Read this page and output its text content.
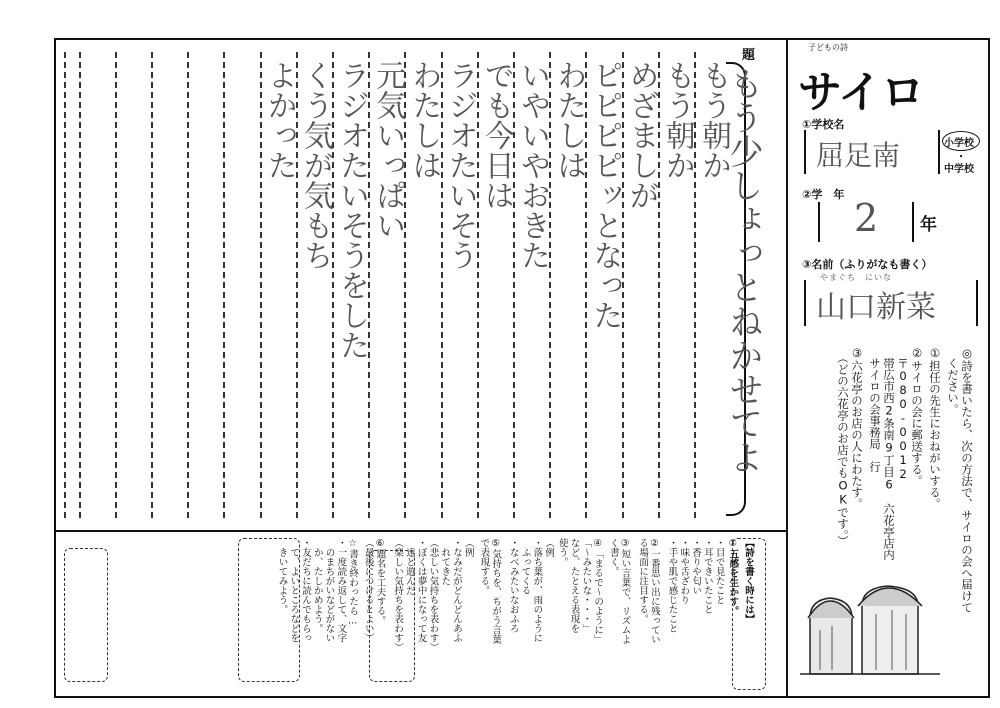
題
もう少しょっとねかせてよ
もう朝か
もう朝か
めざましが
ピピピピッとなった
わたしは
いやいやおきた
でも今日は
ラジオたいそう
わたしは
元気いっぱい
ラジオたいそうをした
くう気が気もち
よかった
子どもの詩
サイロ
①学校名
屈足南	小学校
・
中学校
②学　年
2 年
③名前（ふりがなも書く）
やまぐち　にいな
山口新菜
◎詩を書いたら、次の方法で、サイロの会へ届けて
　ください。
①担任の先生におねがいする。
②サイロの会に郵送する。
　〒080-0012
　帯広市西2条南9丁目6　六花亭店内
　サイロの会事務局　行
③六花亭のお店の人にわたす。
　（どの六花亭のお店でもOKです。）
【詩を書く時には】
①五感を生かす。
・目で見たこと
・耳できいたこと
・香りや匂い
・味や舌ざわり
・手や肌で感じたこと
②一番思い出に残ってい
る場面に注目する。
③短い言葉で、リズムよ
く書く。
④「まるで〜のように」
「〜みたいな・・・」
など、たとえる表現を
使う。
（例
・落ち葉が、雨のように
　ふってくる
・なべみたいなおふろ
⑤気持ちを、ちがう言葉
で表現する。
（例
・なみだがどんどんあふ
　れてきた
（悲しい気持ちを表わす）
・ぼくは夢中になって友
　達と遊んだ
（楽しい気持ちを表わす）
⑥題名を工夫する。
（最後につけるとよい）
☆書き終わったら…
・一度読み返して、文字
　のまちがいなどがない
　か、たしかめよう。
・友だちに読んでもらっ
　て、よいところなどを
　きいてみよう。
